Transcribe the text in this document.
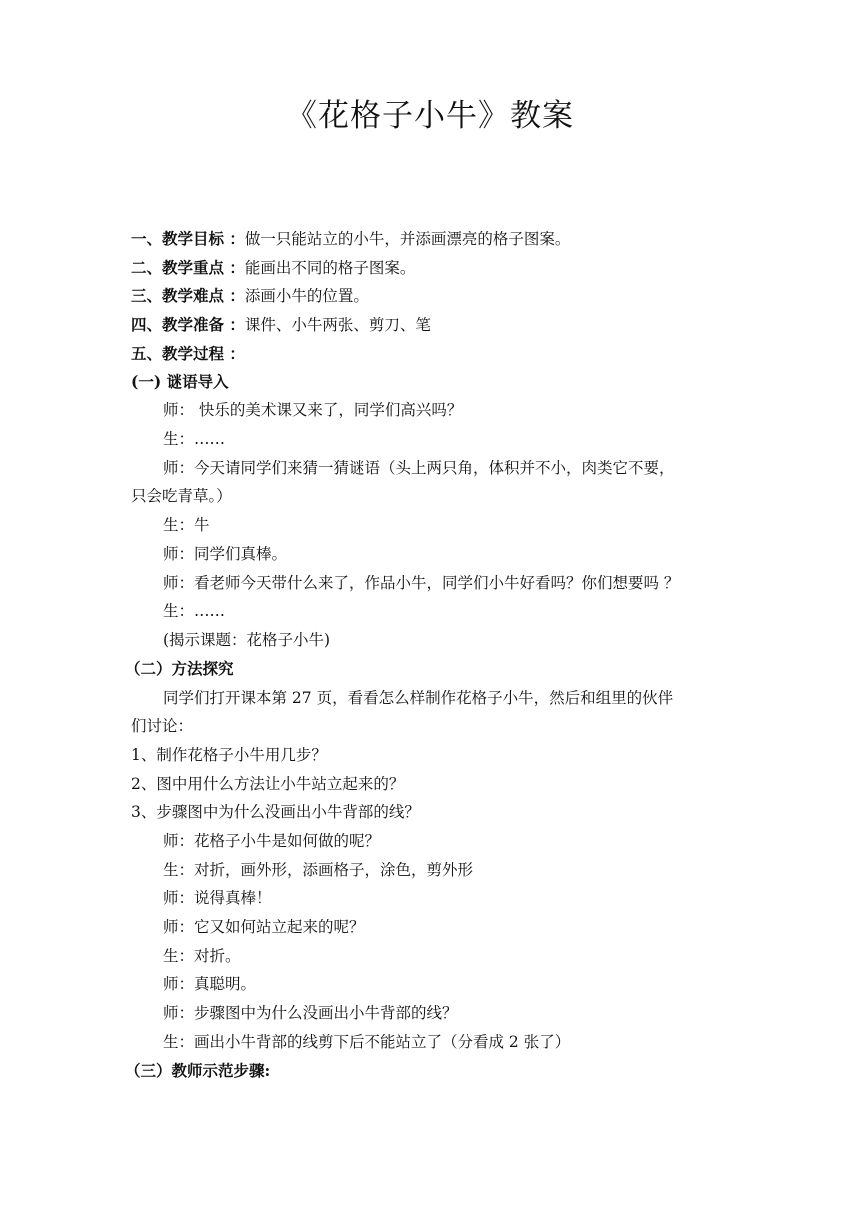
《花格子小牛》教案
一、教学目标 ：做一只能站立的小牛，并添画漂亮的格子图案。
二、教学重点 ：能画出不同的格子图案。
三、教学难点 ：添画小牛的位置。
四、教学准备 ：课件、小牛两张、剪刀、笔
五、教学过程 ：
(一) 谜语导入
师： 快乐的美术课又来了，同学们高兴吗？
生：……
师：今天请同学们来猜一猜谜语（头上两只角，体积并不小，肉类它不要，
只会吃青草。）
生：牛
师：同学们真棒。
师：看老师今天带什么来了，作品小牛，同学们小牛好看吗？你们想要吗 ？
生：……
(揭示课题：花格子小牛)
（二）方法探究
同学们打开课本第 27 页，看看怎么样制作花格子小牛，然后和组里的伙伴
们讨论：
1、制作花格子小牛用几步？
2、图中用什么方法让小牛站立起来的？
3、步骤图中为什么没画出小牛背部的线？
师：花格子小牛是如何做的呢？
生：对折，画外形，添画格子，涂色，剪外形
师：说得真棒！
师：它又如何站立起来的呢？
生：对折。
师：真聪明。
师：步骤图中为什么没画出小牛背部的线？
生：画出小牛背部的线剪下后不能站立了（分看成 2 张了）
（三）教师示范步骤:
